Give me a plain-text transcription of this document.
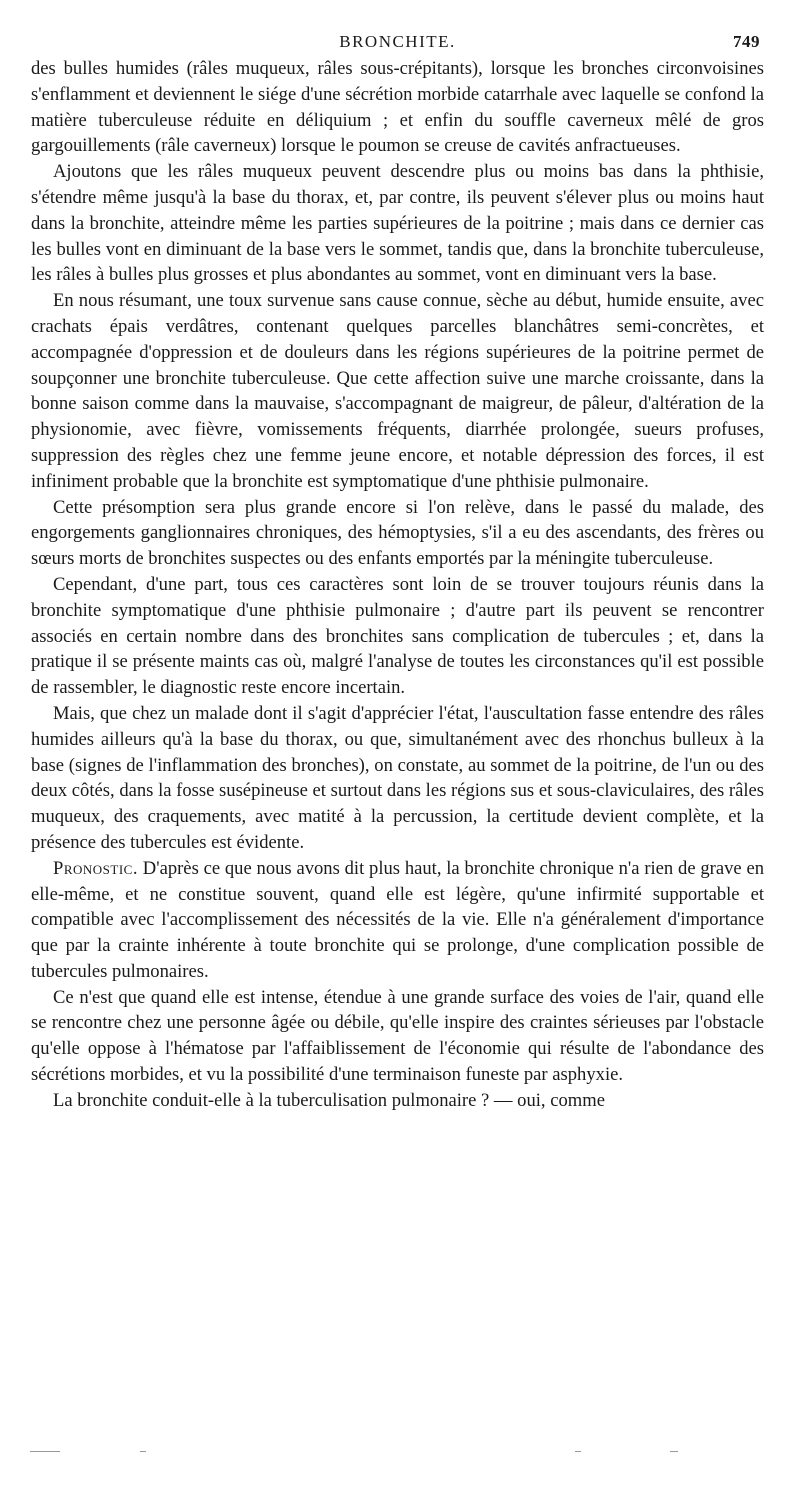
BRONCHITE.	749

des bulles humides (râles muqueux, râles sous-crépitants), lorsque les bronches circonvoisines s'enflamment et deviennent le siége d'une sécrétion morbide catarrhale avec laquelle se confond la matière tuberculeuse réduite en déliquium ; et enfin du souffle caverneux mêlé de gros gargouillements (râle caverneux) lorsque le poumon se creuse de cavités anfractueuses.

Ajoutons que les râles muqueux peuvent descendre plus ou moins bas dans la phthisie, s'étendre même jusqu'à la base du thorax, et, par contre, ils peuvent s'élever plus ou moins haut dans la bronchite, atteindre même les parties supérieures de la poitrine ; mais dans ce dernier cas les bulles vont en diminuant de la base vers le sommet, tandis que, dans la bronchite tuberculeuse, les râles à bulles plus grosses et plus abondantes au sommet, vont en diminuant vers la base.

En nous résumant, une toux survenue sans cause connue, sèche au début, humide ensuite, avec crachats épais verdâtres, contenant quelques parcelles blanchâtres semi-concrètes, et accompagnée d'oppression et de douleurs dans les régions supérieures de la poitrine permet de soupçonner une bronchite tuberculeuse. Que cette affection suive une marche croissante, dans la bonne saison comme dans la mauvaise, s'accompagnant de maigreur, de pâleur, d'altération de la physionomie, avec fièvre, vomissements fréquents, diarrhée prolongée, sueurs profuses, suppression des règles chez une femme jeune encore, et notable dépression des forces, il est infiniment probable que la bronchite est symptomatique d'une phthisie pulmonaire.

Cette présomption sera plus grande encore si l'on relève, dans le passé du malade, des engorgements ganglionnaires chroniques, des hémoptysies, s'il a eu des ascendants, des frères ou sœurs morts de bronchites suspectes ou des enfants emportés par la méningite tuberculeuse.

Cependant, d'une part, tous ces caractères sont loin de se trouver toujours réunis dans la bronchite symptomatique d'une phthisie pulmonaire ; d'autre part ils peuvent se rencontrer associés en certain nombre dans des bronchites sans complication de tubercules ; et, dans la pratique il se présente maints cas où, malgré l'analyse de toutes les circonstances qu'il est possible de rassembler, le diagnostic reste encore incertain.

Mais, que chez un malade dont il s'agit d'apprécier l'état, l'auscultation fasse entendre des râles humides ailleurs qu'à la base du thorax, ou que, simultanément avec des rhonchus bulleux à la base (signes de l'inflammation des bronches), on constate, au sommet de la poitrine, de l'un ou des deux côtés, dans la fosse susépineuse et surtout dans les régions sus et sous-claviculaires, des râles muqueux, des craquements, avec matité à la percussion, la certitude devient complète, et la présence des tubercules est évidente.

Pronostic. D'après ce que nous avons dit plus haut, la bronchite chronique n'a rien de grave en elle-même, et ne constitue souvent, quand elle est légère, qu'une infirmité supportable et compatible avec l'accomplissement des nécessités de la vie. Elle n'a généralement d'importance que par la crainte inhérente à toute bronchite qui se prolonge, d'une complication possible de tubercules pulmonaires.

Ce n'est que quand elle est intense, étendue à une grande surface des voies de l'air, quand elle se rencontre chez une personne âgée ou débile, qu'elle inspire des craintes sérieuses par l'obstacle qu'elle oppose à l'hématose par l'affaiblissement de l'économie qui résulte de l'abondance des sécrétions morbides, et vu la possibilité d'une terminaison funeste par asphyxie.

La bronchite conduit-elle à la tuberculisation pulmonaire ? — oui, comme
